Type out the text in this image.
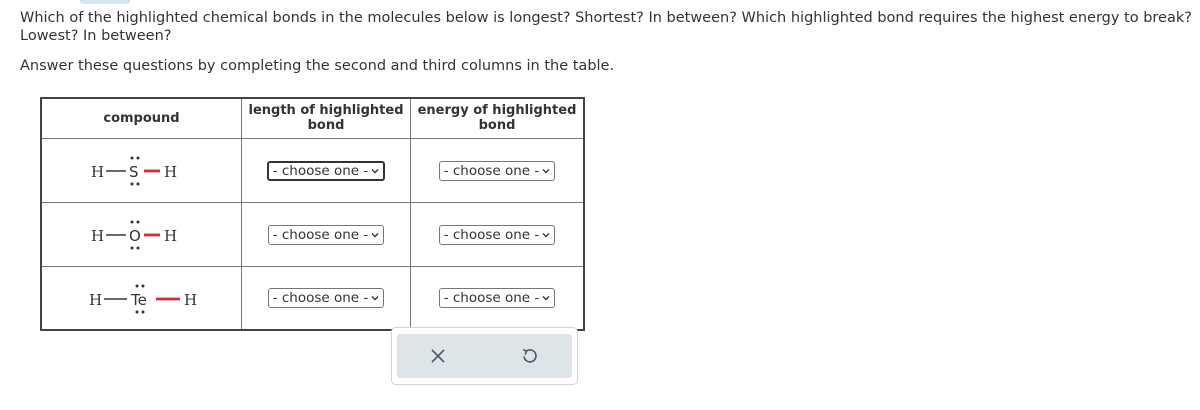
Which of the highlighted chemical bonds in the molecules below is longest? Shortest? In between? Which highlighted bond requires the highest energy to break? Lowest? In between?
Answer these questions by completing the second and third columns in the table.
compound	length of highlighted bond	energy of highlighted bond

H S H	- choose one -	- choose one -

H O H	- choose one -	- choose one -

H Te H	- choose one -	- choose one -
